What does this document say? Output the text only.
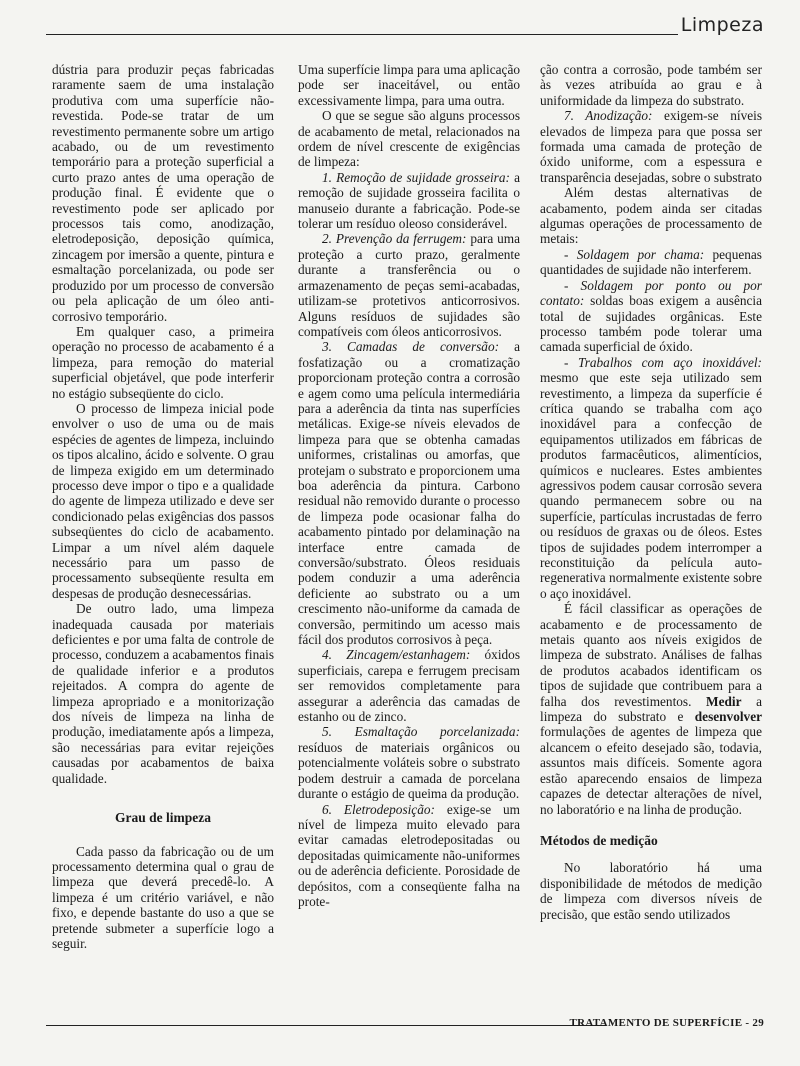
Limpeza

dústria para produzir peças fabricadas raramente saem de uma instalação produtiva com uma superfície não-revestida. Pode-se tratar de um revestimento permanente sobre um artigo acabado, ou de um revestimento temporário para a proteção superficial a curto prazo antes de uma operação de produção final. É evidente que o revestimento pode ser aplicado por processos tais como, anodização, eletrodeposição, deposição química, zincagem por imersão a quente, pintura e esmaltação porcelanizada, ou pode ser produzido por um processo de conversão ou pela aplicação de um óleo anti-corrosivo temporário.

Em qualquer caso, a primeira operação no processo de acabamento é a limpeza, para remoção do material superficial objetável, que pode interferir no estágio subseqüente do ciclo.

O processo de limpeza inicial pode envolver o uso de uma ou de mais espécies de agentes de limpeza, incluindo os tipos alcalino, ácido e solvente. O grau de limpeza exigido em um determinado processo deve impor o tipo e a qualidade do agente de limpeza utilizado e deve ser condicionado pelas exigências dos passos subseqüentes do ciclo de acabamento. Limpar a um nível além daquele necessário para um passo de processamento subseqüente resulta em despesas de produção desnecessárias.

De outro lado, uma limpeza inadequada causada por materiais deficientes e por uma falta de controle de processo, conduzem a acabamentos finais de qualidade inferior e a produtos rejeitados. A compra do agente de limpeza apropriado e a monitorização dos níveis de limpeza na linha de produção, imediatamente após a limpeza, são necessárias para evitar rejeições causadas por acabamentos de baixa qualidade.

Grau de limpeza

Cada passo da fabricação ou de um processamento determina qual o grau de limpeza que deverá precedê-lo. A limpeza é um critério variável, e não fixo, e depende bastante do uso a que se pretende submeter a superfície logo a seguir.

Uma superfície limpa para uma aplicação pode ser inaceitável, ou então excessivamente limpa, para uma outra.

O que se segue são alguns processos de acabamento de metal, relacionados na ordem de nível crescente de exigências de limpeza:

1. Remoção de sujidade grosseira: a remoção de sujidade grosseira facilita o manuseio durante a fabricação. Pode-se tolerar um resíduo oleoso considerável.

2. Prevenção da ferrugem: para uma proteção a curto prazo, geralmente durante a transferência ou o armazenamento de peças semi-acabadas, utilizam-se protetivos anticorrosivos. Alguns resíduos de sujidades são compatíveis com óleos anticorrosivos.

3. Camadas de conversão: a fosfatização ou a cromatização proporcionam proteção contra a corrosão e agem como uma película intermediária para a aderência da tinta nas superfícies metálicas. Exige-se níveis elevados de limpeza para que se obtenha camadas uniformes, cristalinas ou amorfas, que protejam o substrato e proporcionem uma boa aderência da pintura. Carbono residual não removido durante o processo de limpeza pode ocasionar falha do acabamento pintado por delaminação na interface entre camada de conversão/substrato. Óleos residuais podem conduzir a uma aderência deficiente ao substrato ou a um crescimento não-uniforme da camada de conversão, permitindo um acesso mais fácil dos produtos corrosivos à peça.

4. Zincagem/estanhagem: óxidos superficiais, carepa e ferrugem precisam ser removidos completamente para assegurar a aderência das camadas de estanho ou de zinco.

5. Esmaltação porcelanizada: resíduos de materiais orgânicos ou potencialmente voláteis sobre o substrato podem destruir a camada de porcelana durante o estágio de queima da produção.

6. Eletrodeposição: exige-se um nível de limpeza muito elevado para evitar camadas eletrodepositadas ou depositadas quimicamente não-uniformes ou de aderência deficiente. Porosidade de depósitos, com a conseqüente falha na prote-

ção contra a corrosão, pode também ser às vezes atribuída ao grau e à uniformidade da limpeza do substrato.

7. Anodização: exigem-se níveis elevados de limpeza para que possa ser formada uma camada de proteção de óxido uniforme, com a espessura e transparência desejadas, sobre o substrato

Além destas alternativas de acabamento, podem ainda ser citadas algumas operações de processamento de metais:

- Soldagem por chama: pequenas quantidades de sujidade não interferem.

- Soldagem por ponto ou por contato: soldas boas exigem a ausência total de sujidades orgânicas. Este processo também pode tolerar uma camada superficial de óxido.

- Trabalhos com aço inoxidável: mesmo que este seja utilizado sem revestimento, a limpeza da superfície é crítica quando se trabalha com aço inoxidável para a confecção de equipamentos utilizados em fábricas de produtos farmacêuticos, alimentícios, químicos e nucleares. Estes ambientes agressivos podem causar corrosão severa quando permanecem sobre ou na superfície, partículas incrustadas de ferro ou resíduos de graxas ou de óleos. Estes tipos de sujidades podem interromper a reconstituição da película auto-regenerativa normalmente existente sobre o aço inoxidável.

É fácil classificar as operações de acabamento e de processamento de metais quanto aos níveis exigidos de limpeza de substrato. Análises de falhas de produtos acabados identificam os tipos de sujidade que contribuem para a falha dos revestimentos. Medir a limpeza do substrato e desenvolver formulações de agentes de limpeza que alcancem o efeito desejado são, todavia, assuntos mais difíceis. Somente agora estão aparecendo ensaios de limpeza capazes de detectar alterações de nível, no laboratório e na linha de produção.

Métodos de medição

No laboratório há uma disponibilidade de métodos de medição de limpeza com diversos níveis de precisão, que estão sendo utilizados

TRATAMENTO DE SUPERFÍCIE - 29
